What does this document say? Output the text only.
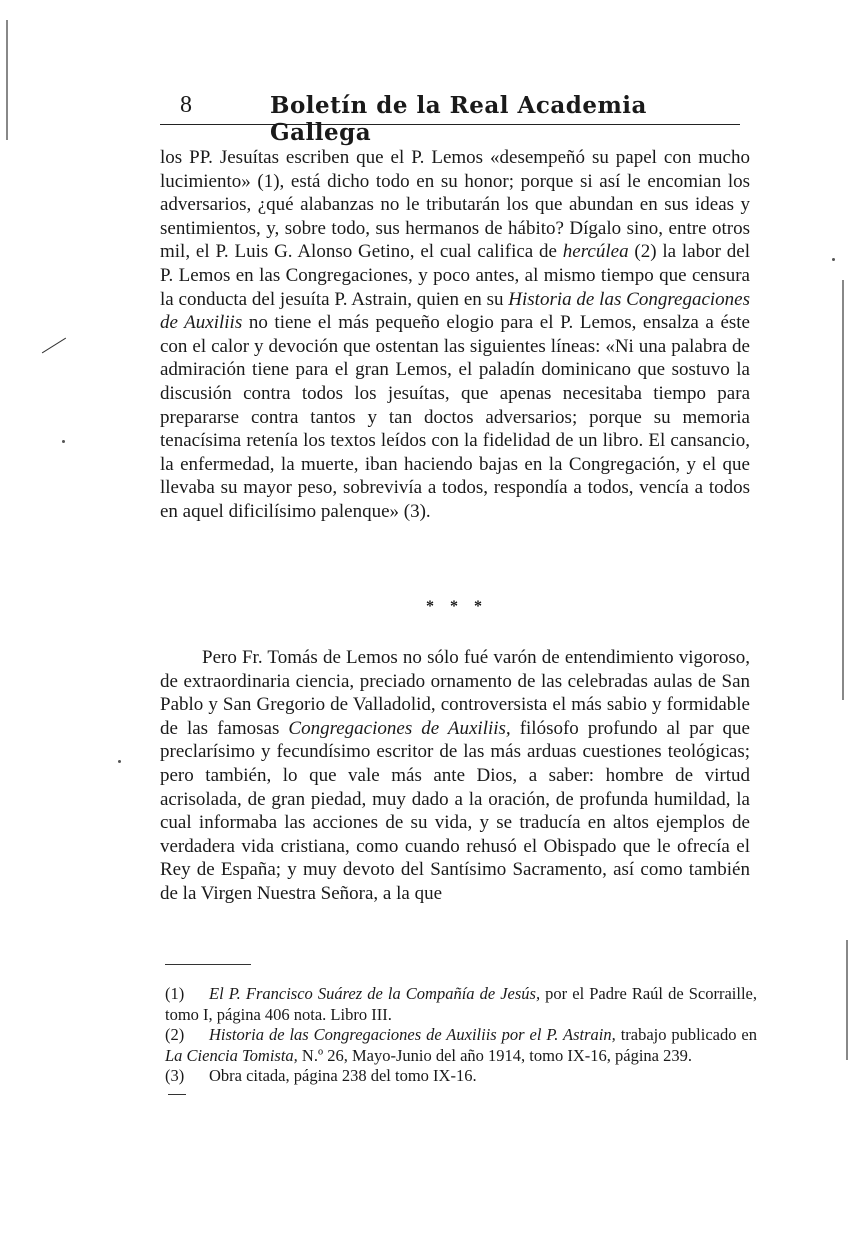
8	Boletín de la Real Academia Gallega
los PP. Jesuítas escriben que el P. Lemos «desempeñó su papel con mucho lucimiento» (1), está dicho todo en su honor; porque si así le encomian los adversarios, ¿qué alabanzas no le tributarán los que abundan en sus ideas y sentimientos, y, sobre todo, sus hermanos de hábito? Dígalo sino, entre otros mil, el P. Luis G. Alonso Getino, el cual califica de hercúlea (2) la labor del P. Lemos en las Congregaciones, y poco antes, al mismo tiempo que censura la conducta del jesuíta P. Astrain, quien en su Historia de las Congregaciones de Auxiliis no tiene el más pequeño elogio para el P. Lemos, ensalza a éste con el calor y devoción que ostentan las siguientes líneas: «Ni una palabra de admiración tiene para el gran Lemos, el paladín dominicano que sostuvo la discusión contra todos los jesuítas, que apenas necesitaba tiempo para prepararse contra tantos y tan doctos adversarios; porque su memoria tenacísima retenía los textos leídos con la fidelidad de un libro. El cansancio, la enfermedad, la muerte, iban haciendo bajas en la Congregación, y el que llevaba su mayor peso, sobrevivía a todos, respondía a todos, vencía a todos en aquel dificilísimo palenque» (3).
* * *
Pero Fr. Tomás de Lemos no sólo fué varón de entendimiento vigoroso, de extraordinaria ciencia, preciado ornamento de las celebradas aulas de San Pablo y San Gregorio de Valladolid, controversista el más sabio y formidable de las famosas Congregaciones de Auxiliis, filósofo profundo al par que preclarísimo y fecundísimo escritor de las más arduas cuestiones teológicas; pero también, lo que vale más ante Dios, a saber: hombre de virtud acrisolada, de gran piedad, muy dado a la oración, de profunda humildad, la cual informaba las acciones de su vida, y se traducía en altos ejemplos de verdadera vida cristiana, como cuando rehusó el Obispado que le ofrecía el Rey de España; y muy devoto del Santísimo Sacramento, así como también de la Virgen Nuestra Señora, a la que
(1) El P. Francisco Suárez de la Compañía de Jesús, por el Padre Raúl de Scorraille, tomo I, página 406 nota. Libro III.
(2) Historia de las Congregaciones de Auxiliis por el P. Astrain, trabajo publicado en La Ciencia Tomista, N.º 26, Mayo-Junio del año 1914, tomo IX-16, página 239.
(3) Obra citada, página 238 del tomo IX-16.
